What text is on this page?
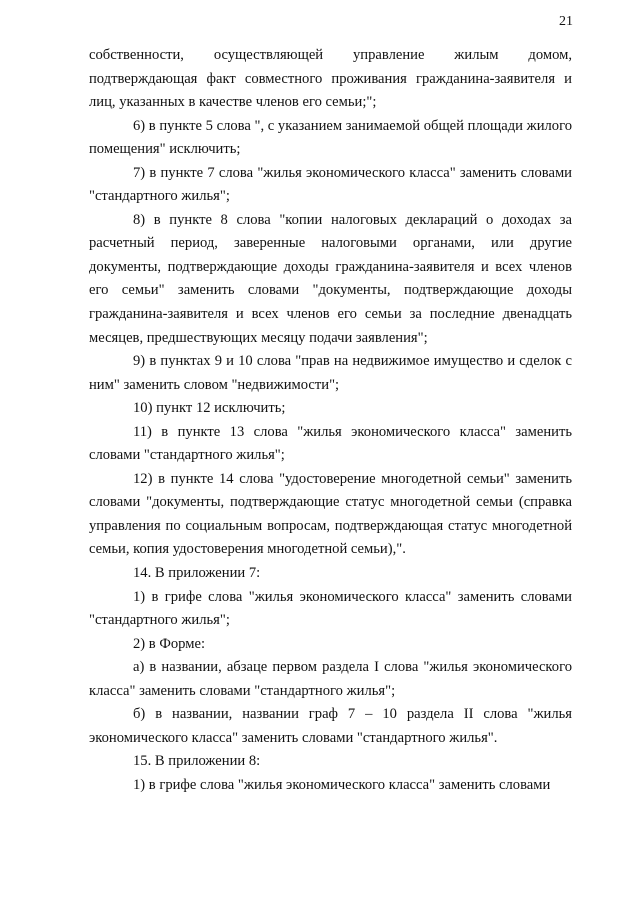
21

собственности, осуществляющей управление жилым домом, подтверждающая факт совместного проживания гражданина-заявителя и лиц, указанных в качестве членов его семьи;";

6) в пункте 5 слова ", с указанием занимаемой общей площади жилого помещения" исключить;

7) в пункте 7 слова "жилья экономического класса" заменить словами "стандартного жилья";

8) в пункте 8 слова "копии налоговых деклараций о доходах за расчетный период, заверенные налоговыми органами, или другие документы, подтверждающие доходы гражданина-заявителя и всех членов его семьи" заменить словами "документы, подтверждающие доходы гражданина-заявителя и всех членов его семьи за последние двенадцать месяцев, предшествующих месяцу подачи заявления";

9) в пунктах 9 и 10 слова "прав на недвижимое имущество и сделок с ним" заменить словом "недвижимости";

10) пункт 12 исключить;

11) в пункте 13 слова "жилья экономического класса" заменить словами "стандартного жилья";

12) в пункте 14 слова "удостоверение многодетной семьи" заменить словами "документы, подтверждающие статус многодетной семьи (справка управления по социальным вопросам, подтверждающая статус многодетной семьи, копия удостоверения многодетной семьи),".

14. В приложении 7:

1) в грифе слова "жилья экономического класса" заменить словами "стандартного жилья";

2) в Форме:

а) в названии, абзаце первом раздела I слова "жилья экономического класса" заменить словами "стандартного жилья";

б) в названии, названии граф 7 – 10 раздела II слова "жилья экономического класса" заменить словами "стандартного жилья".

15. В приложении 8:

1) в грифе слова "жилья экономического класса" заменить словами
